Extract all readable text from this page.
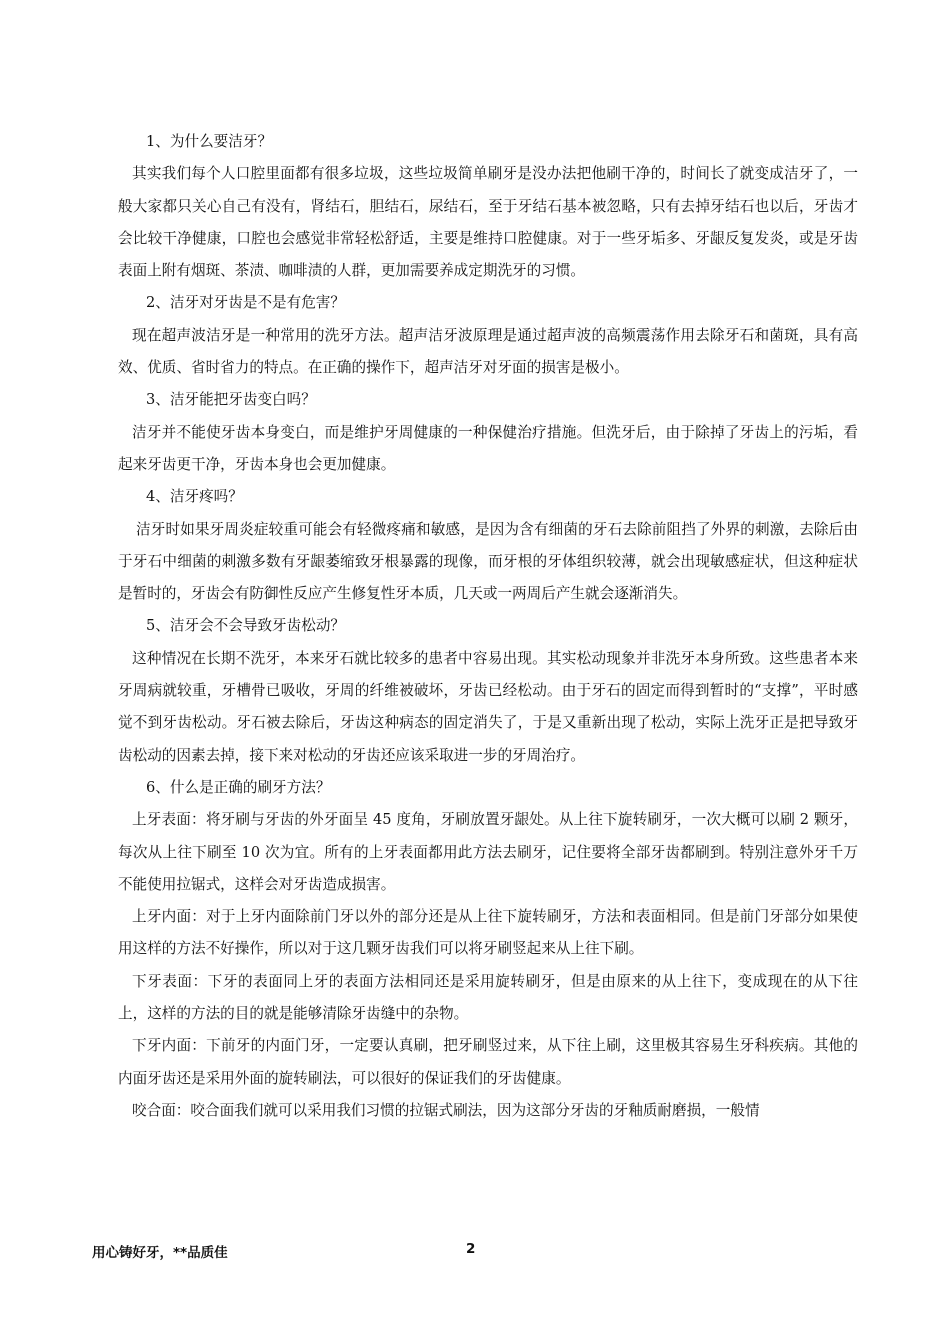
1、为什么要洁牙？

其实我们每个人口腔里面都有很多垃圾，这些垃圾简单刷牙是没办法把他刷干净的，时间长了就变成洁牙了，一般大家都只关心自己有没有，肾结石，胆结石，尿结石，至于牙结石基本被忽略，只有去掉牙结石也以后，牙齿才会比较干净健康，口腔也会感觉非常轻松舒适，主要是维持口腔健康。对于一些牙垢多、牙龈反复发炎，或是牙齿表面上附有烟斑、茶渍、咖啡渍的人群，更加需要养成定期洗牙的习惯。

2、洁牙对牙齿是不是有危害？

现在超声波洁牙是一种常用的洗牙方法。超声洁牙波原理是通过超声波的高频震荡作用去除牙石和菌斑，具有高效、优质、省时省力的特点。在正确的操作下，超声洁牙对牙面的损害是极小。

3、洁牙能把牙齿变白吗？

洁牙并不能使牙齿本身变白，而是维护牙周健康的一种保健治疗措施。但洗牙后，由于除掉了牙齿上的污垢，看起来牙齿更干净，牙齿本身也会更加健康。

4、洁牙疼吗？

洁牙时如果牙周炎症较重可能会有轻微疼痛和敏感，是因为含有细菌的牙石去除前阻挡了外界的刺激，去除后由于牙石中细菌的刺激多数有牙龈萎缩致牙根暴露的现像，而牙根的牙体组织较薄，就会出现敏感症状，但这种症状是暂时的，牙齿会有防御性反应产生修复性牙本质，几天或一两周后产生就会逐渐消失。

5、洁牙会不会导致牙齿松动？

这种情况在长期不洗牙，本来牙石就比较多的患者中容易出现。其实松动现象并非洗牙本身所致。这些患者本来牙周病就较重，牙槽骨已吸收，牙周的纤维被破坏，牙齿已经松动。由于牙石的固定而得到暂时的“支撑”，平时感觉不到牙齿松动。牙石被去除后，牙齿这种病态的固定消失了，于是又重新出现了松动，实际上洗牙正是把导致牙齿松动的因素去掉，接下来对松动的牙齿还应该采取进一步的牙周治疗。

6、什么是正确的刷牙方法？

上牙表面：将牙刷与牙齿的外牙面呈 45 度角，牙刷放置牙龈处。从上往下旋转刷牙，一次大概可以刷 2 颗牙，每次从上往下刷至 10 次为宜。所有的上牙表面都用此方法去刷牙，记住要将全部牙齿都刷到。特别注意外牙千万不能使用拉锯式，这样会对牙齿造成损害。

上牙内面：对于上牙内面除前门牙以外的部分还是从上往下旋转刷牙，方法和表面相同。但是前门牙部分如果使用这样的方法不好操作，所以对于这几颗牙齿我们可以将牙刷竖起来从上往下刷。

下牙表面：下牙的表面同上牙的表面方法相同还是采用旋转刷牙，但是由原来的从上往下，变成现在的从下往上，这样的方法的目的就是能够清除牙齿缝中的杂物。

下牙内面：下前牙的内面门牙，一定要认真刷，把牙刷竖过来，从下往上刷，这里极其容易生牙科疾病。其他的内面牙齿还是采用外面的旋转刷法，可以很好的保证我们的牙齿健康。

咬合面：咬合面我们就可以采用我们习惯的拉锯式刷法，因为这部分牙齿的牙釉质耐磨损，一般情

用心铸好牙，**品质佳	2
